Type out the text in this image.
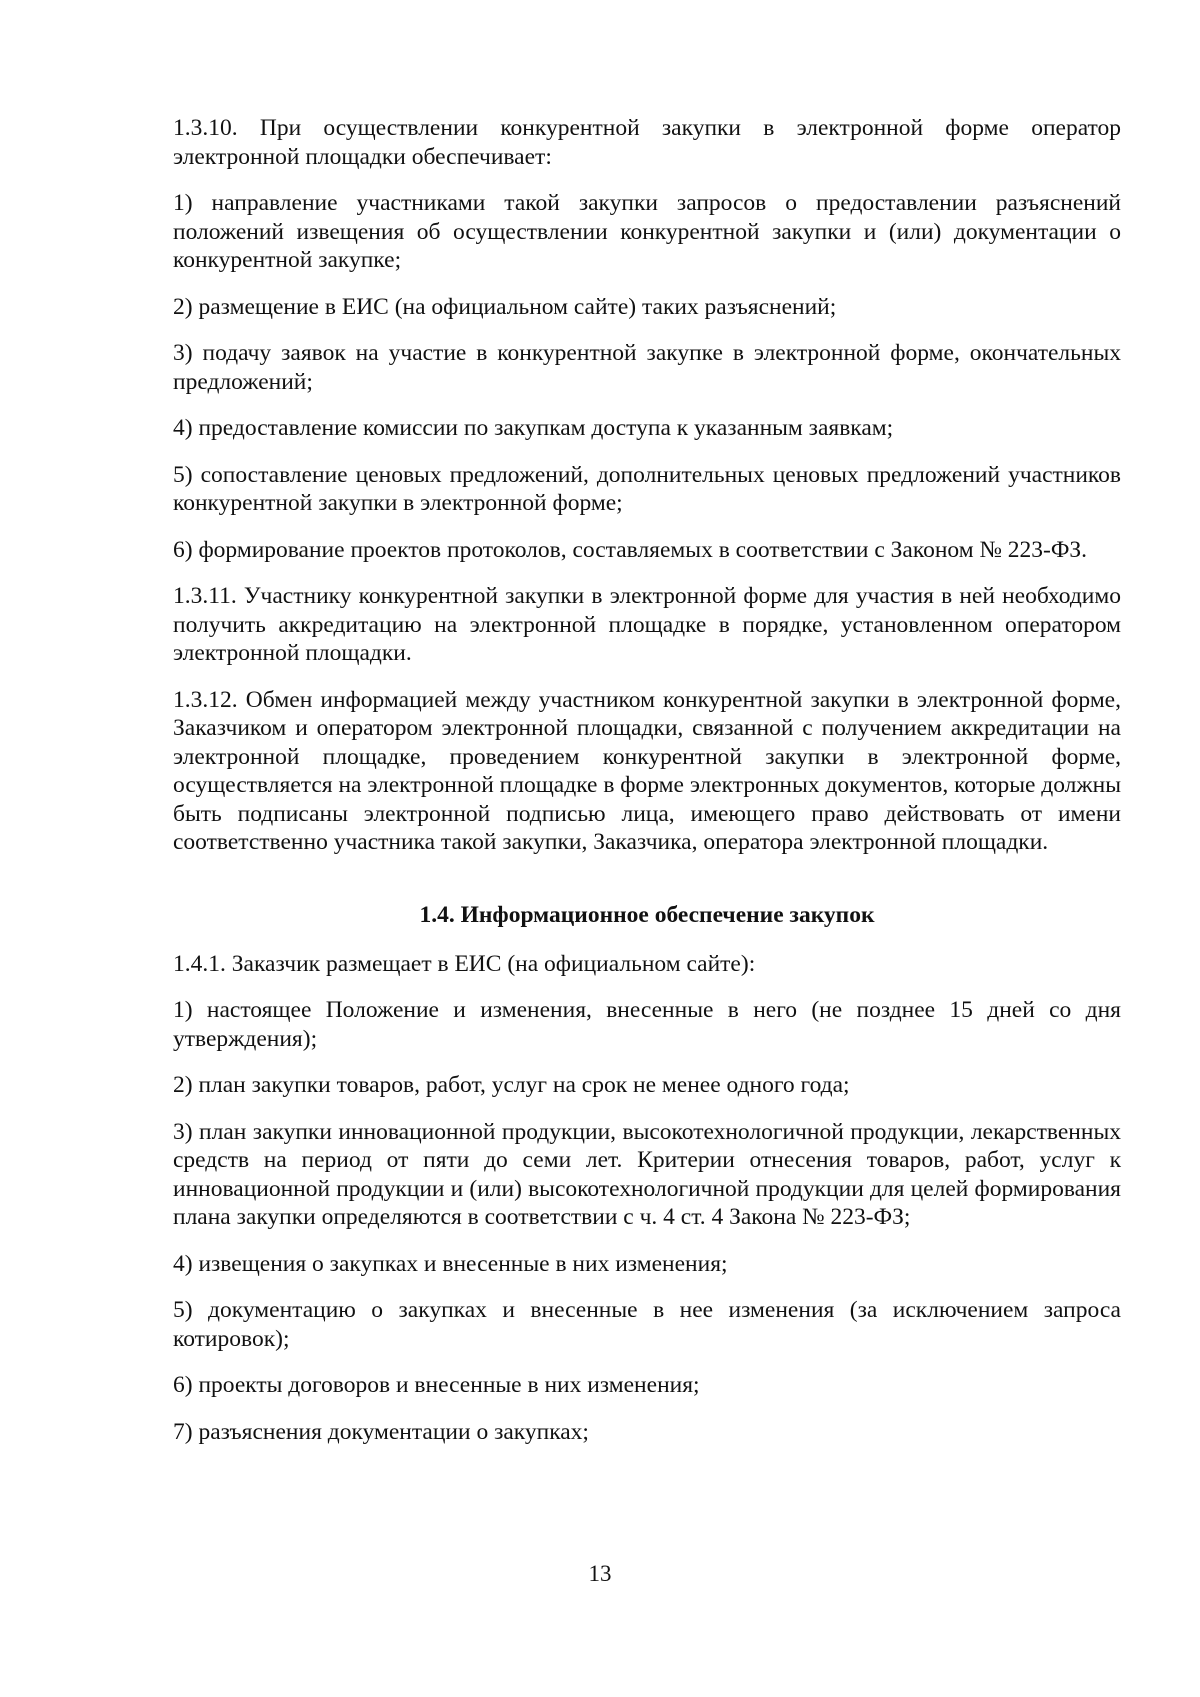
1.3.10. При осуществлении конкурентной закупки в электронной форме оператор электронной площадки обеспечивает:

1) направление участниками такой закупки запросов о предоставлении разъяснений положений извещения об осуществлении конкурентной закупки и (или) документации о конкурентной закупке;

2) размещение в ЕИС (на официальном сайте) таких разъяснений;

3) подачу заявок на участие в конкурентной закупке в электронной форме, окончательных предложений;

4) предоставление комиссии по закупкам доступа к указанным заявкам;

5) сопоставление ценовых предложений, дополнительных ценовых предложений участников конкурентной закупки в электронной форме;

6) формирование проектов протоколов, составляемых в соответствии с Законом № 223-ФЗ.

1.3.11. Участнику конкурентной закупки в электронной форме для участия в ней необходимо получить аккредитацию на электронной площадке в порядке, установленном оператором электронной площадки.

1.3.12. Обмен информацией между участником конкурентной закупки в электронной форме, Заказчиком и оператором электронной площадки, связанной с получением аккредитации на электронной площадке, проведением конкурентной закупки в электронной форме, осуществляется на электронной площадке в форме электронных документов, которые должны быть подписаны электронной подписью лица, имеющего право действовать от имени соответственно участника такой закупки, Заказчика, оператора электронной площадки.

1.4. Информационное обеспечение закупок

1.4.1. Заказчик размещает в ЕИС (на официальном сайте):

1) настоящее Положение и изменения, внесенные в него (не позднее 15 дней со дня утверждения);

2) план закупки товаров, работ, услуг на срок не менее одного года;

3) план закупки инновационной продукции, высокотехнологичной продукции, лекарственных средств на период от пяти до семи лет. Критерии отнесения товаров, работ, услуг к инновационной продукции и (или) высокотехнологичной продукции для целей формирования плана закупки определяются в соответствии с ч. 4 ст. 4 Закона № 223-ФЗ;

4) извещения о закупках и внесенные в них изменения;

5) документацию о закупках и внесенные в нее изменения (за исключением запроса котировок);

6) проекты договоров и внесенные в них изменения;

7) разъяснения документации о закупках;

13
